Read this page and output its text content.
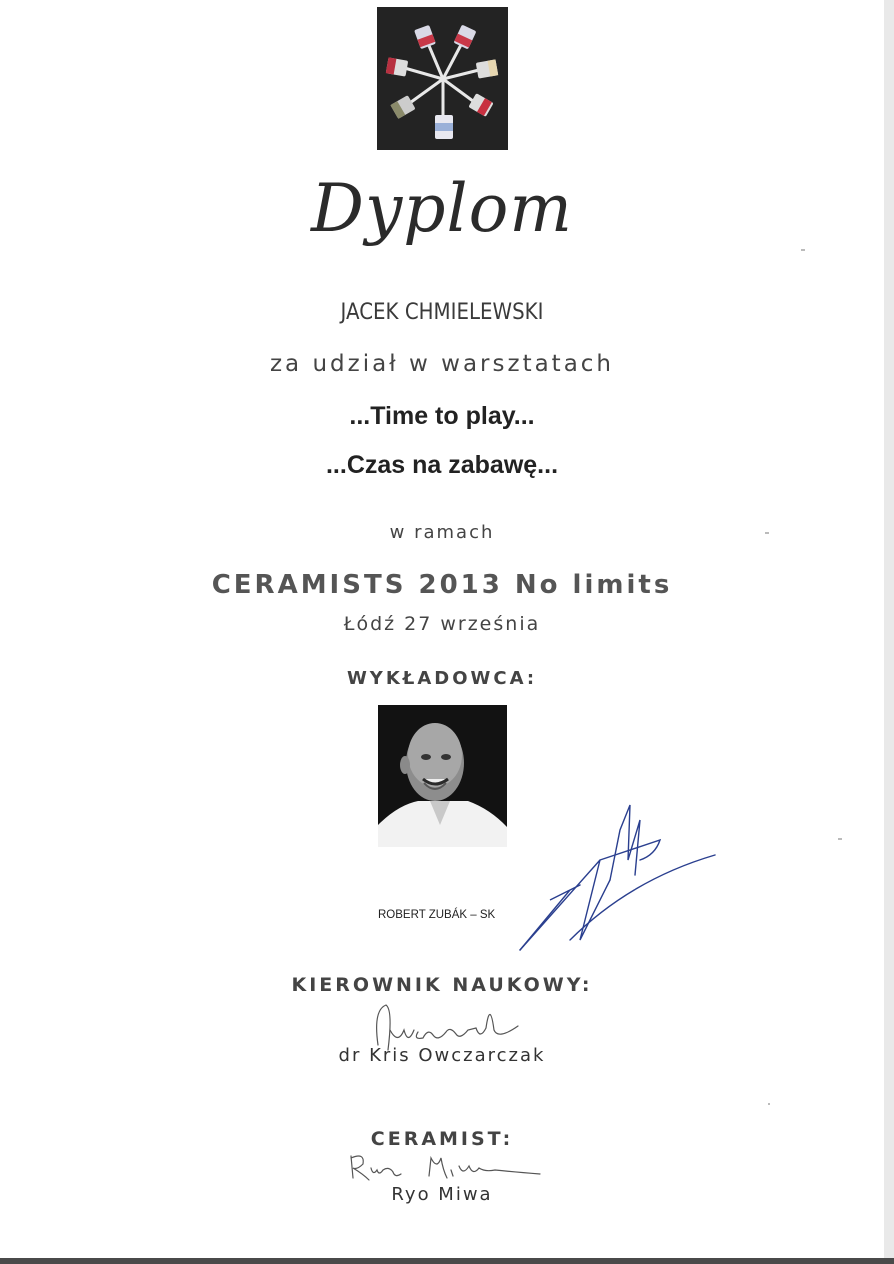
Dyplom
JACEK CHMIELEWSKI
za udział w warsztatach
...Time to play...
...Czas na zabawę...
w ramach
CERAMISTS 2013 No limits
Łódź 27 września
WYKŁADOWCA:
ROBERT ZUBÁK – SK
KIEROWNIK NAUKOWY:
dr Kris Owczarczak
CERAMIST:
Ryo Miwa
